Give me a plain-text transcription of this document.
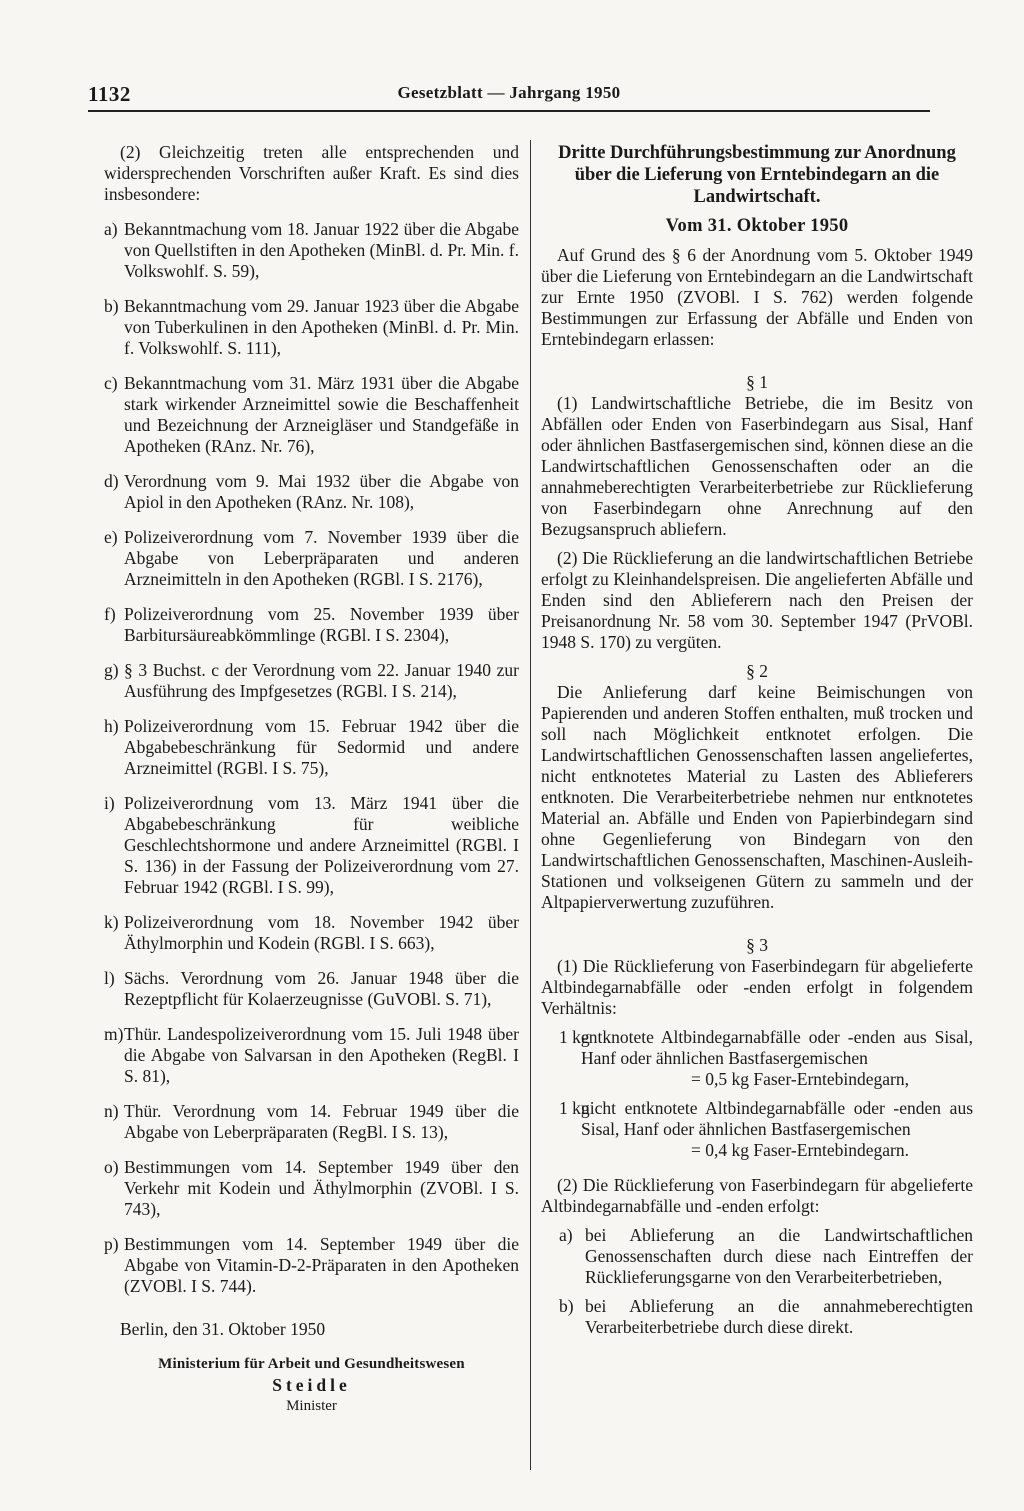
1132	Gesetzblatt — Jahrgang 1950

(2) Gleichzeitig treten alle entsprechenden und widersprechenden Vorschriften außer Kraft. Es sind dies insbesondere:

a) Bekanntmachung vom 18. Januar 1922 über die Abgabe von Quellstiften in den Apotheken (MinBl. d. Pr. Min. f. Volkswohlf. S. 59),

b) Bekanntmachung vom 29. Januar 1923 über die Abgabe von Tuberkulinen in den Apotheken (MinBl. d. Pr. Min. f. Volkswohlf. S. 111),

c) Bekanntmachung vom 31. März 1931 über die Abgabe stark wirkender Arzneimittel sowie die Beschaffenheit und Bezeichnung der Arzneigläser und Standgefäße in Apotheken (RAnz. Nr. 76),

d) Verordnung vom 9. Mai 1932 über die Abgabe von Apiol in den Apotheken (RAnz. Nr. 108),

e) Polizeiverordnung vom 7. November 1939 über die Abgabe von Leberpräparaten und anderen Arzneimitteln in den Apotheken (RGBl. I S. 2176),

f) Polizeiverordnung vom 25. November 1939 über Barbitursäureabkömmlinge (RGBl. I S. 2304),

g) § 3 Buchst. c der Verordnung vom 22. Januar 1940 zur Ausführung des Impfgesetzes (RGBl. I S. 214),

h) Polizeiverordnung vom 15. Februar 1942 über die Abgabebeschränkung für Sedormid und andere Arzneimittel (RGBl. I S. 75),

i) Polizeiverordnung vom 13. März 1941 über die Abgabebeschränkung für weibliche Geschlechtshormone und andere Arzneimittel (RGBl. I S. 136) in der Fassung der Polizeiverordnung vom 27. Februar 1942 (RGBl. I S. 99),

k) Polizeiverordnung vom 18. November 1942 über Äthylmorphin und Kodein (RGBl. I S. 663),

l) Sächs. Verordnung vom 26. Januar 1948 über die Rezeptpflicht für Kolaerzeugnisse (GuVOBl. S. 71),

m) Thür. Landespolizeiverordnung vom 15. Juli 1948 über die Abgabe von Salvarsan in den Apotheken (RegBl. I S. 81),

n) Thür. Verordnung vom 14. Februar 1949 über die Abgabe von Leberpräparaten (RegBl. I S. 13),

o) Bestimmungen vom 14. September 1949 über den Verkehr mit Kodein und Äthylmorphin (ZVOBl. I S. 743),

p) Bestimmungen vom 14. September 1949 über die Abgabe von Vitamin-D-2-Präparaten in den Apotheken (ZVOBl. I S. 744).

Berlin, den 31. Oktober 1950

Ministerium für Arbeit und Gesundheitswesen

Steidle

Minister

Dritte Durchführungsbestimmung zur Anordnung über die Lieferung von Erntebindegarn an die Landwirtschaft.

Vom 31. Oktober 1950

Auf Grund des § 6 der Anordnung vom 5. Oktober 1949 über die Lieferung von Erntebindegarn an die Landwirtschaft zur Ernte 1950 (ZVOBl. I S. 762) werden folgende Bestimmungen zur Erfassung der Abfälle und Enden von Erntebindegarn erlassen:

§ 1

(1) Landwirtschaftliche Betriebe, die im Besitz von Abfällen oder Enden von Faserbindegarn aus Sisal, Hanf oder ähnlichen Bastfasergemischen sind, können diese an die Landwirtschaftlichen Genossenschaften oder an die annahmeberechtigten Verarbeiterbetriebe zur Rücklieferung von Faserbindegarn ohne Anrechnung auf den Bezugsanspruch abliefern.

(2) Die Rücklieferung an die landwirtschaftlichen Betriebe erfolgt zu Kleinhandelspreisen. Die angelieferten Abfälle und Enden sind den Ablieferern nach den Preisen der Preisanordnung Nr. 58 vom 30. September 1947 (PrVOBl. 1948 S. 170) zu vergüten.

§ 2

Die Anlieferung darf keine Beimischungen von Papierenden und anderen Stoffen enthalten, muß trocken und soll nach Möglichkeit entknotet erfolgen. Die Landwirtschaftlichen Genossenschaften lassen angeliefertes, nicht entknotetes Material zu Lasten des Ablieferers entknoten. Die Verarbeiterbetriebe nehmen nur entknotetes Material an. Abfälle und Enden von Papierbindegarn sind ohne Gegenlieferung von Bindegarn von den Landwirtschaftlichen Genossenschaften, Maschinen-Ausleih-Stationen und volkseigenen Gütern zu sammeln und der Altpapierverwertung zuzuführen.

§ 3

(1) Die Rücklieferung von Faserbindegarn für abgelieferte Altbindegarnabfälle oder -enden erfolgt in folgendem Verhältnis:

1 kg

entknotete Altbindegarnabfälle oder -enden aus Sisal, Hanf oder ähnlichen Bastfasergemischen

= 0,5 kg Faser-Erntebindegarn,

1 kg

nicht entknotete Altbindegarnabfälle oder -enden aus Sisal, Hanf oder ähnlichen Bastfasergemischen

= 0,4 kg Faser-Erntebindegarn.

(2) Die Rücklieferung von Faserbindegarn für abgelieferte Altbindegarnabfälle und -enden erfolgt:

a) bei Ablieferung an die Landwirtschaftlichen Genossenschaften durch diese nach Eintreffen der Rücklieferungsgarne von den Verarbeiterbetrieben,

b) bei Ablieferung an die annahmeberechtigten Verarbeiterbetriebe durch diese direkt.
